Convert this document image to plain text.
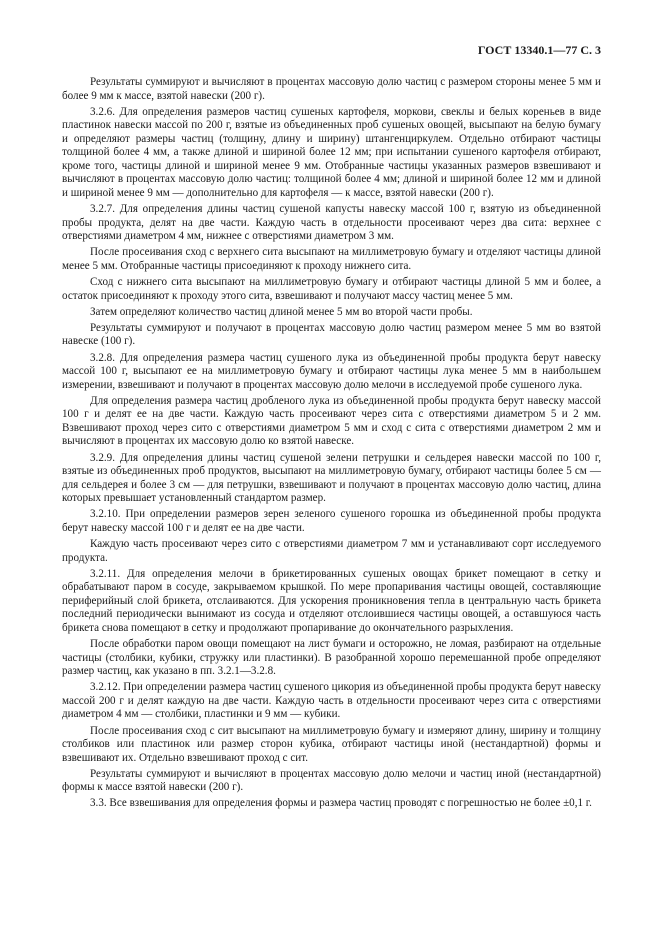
ГОСТ 13340.1—77 С. 3

Результаты суммируют и вычисляют в процентах массовую долю частиц с размером стороны менее 5 мм и более 9 мм к массе, взятой навески (200 г).

3.2.6. Для определения размеров частиц сушеных картофеля, моркови, свеклы и белых кореньев в виде пластинок навески массой по 200 г, взятые из объединенных проб сушеных овощей, высыпают на белую бумагу и определяют размеры частиц (толщину, длину и ширину) штангенциркулем. Отдельно отбирают частицы толщиной более 4 мм, а также длиной и шириной более 12 мм; при испытании сушеного картофеля отбирают, кроме того, частицы длиной и шириной менее 9 мм. Отобранные частицы указанных размеров взвешивают и вычисляют в процентах массовую долю частиц: толщиной более 4 мм; длиной и шириной более 12 мм и длиной и шириной менее 9 мм — дополнительно для картофеля — к массе, взятой навески (200 г).

3.2.7. Для определения длины частиц сушеной капусты навеску массой 100 г, взятую из объединенной пробы продукта, делят на две части. Каждую часть в отдельности просеивают через два сита: верхнее с отверстиями диаметром 4 мм, нижнее с отверстиями диаметром 3 мм.

После просеивания сход с верхнего сита высыпают на миллиметровую бумагу и отделяют частицы длиной менее 5 мм. Отобранные частицы присоединяют к проходу нижнего сита.

Сход с нижнего сита высыпают на миллиметровую бумагу и отбирают частицы длиной 5 мм и более, а остаток присоединяют к проходу этого сита, взвешивают и получают массу частиц менее 5 мм.

Затем определяют количество частиц длиной менее 5 мм во второй части пробы.

Результаты суммируют и получают в процентах массовую долю частиц размером менее 5 мм во взятой навеске (100 г).

3.2.8. Для определения размера частиц сушеного лука из объединенной пробы продукта берут навеску массой 100 г, высыпают ее на миллиметровую бумагу и отбирают частицы лука менее 5 мм в наибольшем измерении, взвешивают и получают в процентах массовую долю мелочи в исследуемой пробе сушеного лука.

Для определения размера частиц дробленого лука из объединенной пробы продукта берут навеску массой 100 г и делят ее на две части. Каждую часть просеивают через сита с отверстиями диаметром 5 и 2 мм. Взвешивают проход через сито с отверстиями диаметром 5 мм и сход с сита с отверстиями диаметром 2 мм и вычисляют в процентах их массовую долю ко взятой навеске.

3.2.9. Для определения длины частиц сушеной зелени петрушки и сельдерея навески массой по 100 г, взятые из объединенных проб продуктов, высыпают на миллиметровую бумагу, отбирают частицы более 5 см — для сельдерея и более 3 см — для петрушки, взвешивают и получают в процентах массовую долю частиц, длина которых превышает установленный стандартом размер.

3.2.10. При определении размеров зерен зеленого сушеного горошка из объединенной пробы продукта берут навеску массой 100 г и делят ее на две части.

Каждую часть просеивают через сито с отверстиями диаметром 7 мм и устанавливают сорт исследуемого продукта.

3.2.11. Для определения мелочи в брикетированных сушеных овощах брикет помещают в сетку и обрабатывают паром в сосуде, закрываемом крышкой. По мере пропаривания частицы овощей, составляющие периферийный слой брикета, отслаиваются. Для ускорения проникновения тепла в центральную часть брикета последний периодически вынимают из сосуда и отделяют отслоившиеся частицы овощей, а оставшуюся часть брикета снова помещают в сетку и продолжают пропаривание до окончательного разрыхления.

После обработки паром овощи помещают на лист бумаги и осторожно, не ломая, разбирают на отдельные частицы (столбики, кубики, стружку или пластинки). В разобранной хорошо перемешанной пробе определяют размер частиц, как указано в пп. 3.2.1—3.2.8.

3.2.12. При определении размера частиц сушеного цикория из объединенной пробы продукта берут навеску массой 200 г и делят каждую на две части. Каждую часть в отдельности просеивают через сита с отверстиями диаметром 4 мм — столбики, пластинки и 9 мм — кубики.

После просеивания сход с сит высыпают на миллиметровую бумагу и измеряют длину, ширину и толщину столбиков или пластинок или размер сторон кубика, отбирают частицы иной (нестандартной) формы и взвешивают их. Отдельно взвешивают проход с сит.

Результаты суммируют и вычисляют в процентах массовую долю мелочи и частиц иной (нестандартной) формы к массе взятой навески (200 г).

3.3. Все взвешивания для определения формы и размера частиц проводят с погрешностью не более ±0,1 г.
